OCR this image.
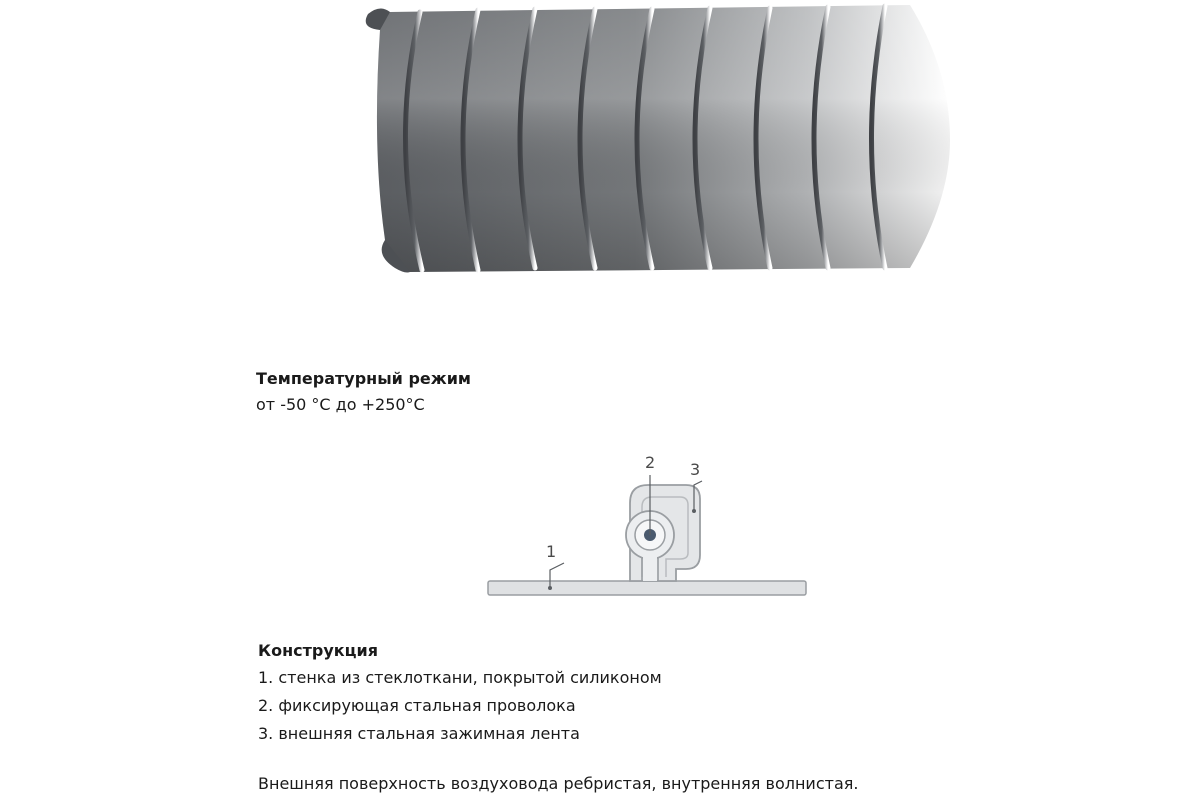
Температурный режим
от -50 °С до +250°С
1
2 3
Конструкция
1. стенка из стеклоткани, покрытой силиконом
2. фиксирующая стальная проволока
3. внешняя стальная зажимная лента
Внешняя поверхность воздуховода ребристая, внутренняя волнистая.
